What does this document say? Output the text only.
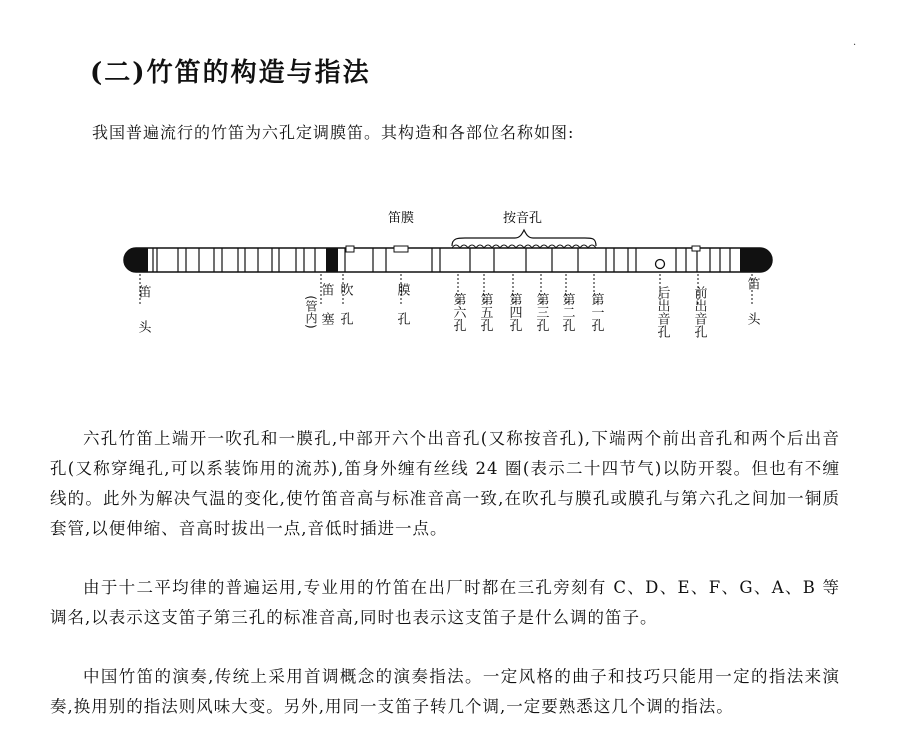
(二)竹笛的构造与指法
我国普遍流行的竹笛为六孔定调膜笛。其构造和各部位名称如图:
·
笛膜	按音孔
笛头	(管内) 笛塞 吹孔	膜孔	第六孔 第五孔 第四孔 第三孔 第二孔 第一孔	后出音孔 前出音孔	笛头

六孔竹笛上端开一吹孔和一膜孔,中部开六个出音孔(又称按音孔),下端两个前出音孔和两个后出音孔(又称穿绳孔,可以系装饰用的流苏),笛身外缠有丝线 24 圈(表示二十四节气)以防开裂。但也有不缠线的。此外为解决气温的变化,使竹笛音高与标准音高一致,在吹孔与膜孔或膜孔与第六孔之间加一铜质套管,以便伸缩、音高时拔出一点,音低时插进一点。

由于十二平均律的普遍运用,专业用的竹笛在出厂时都在三孔旁刻有 C、D、E、F、G、A、B 等调名,以表示这支笛子第三孔的标准音高,同时也表示这支笛子是什么调的笛子。

中国竹笛的演奏,传统上采用首调概念的演奏指法。一定风格的曲子和技巧只能用一定的指法来演奏,换用别的指法则风味大变。另外,用同一支笛子转几个调,一定要熟悉这几个调的指法。
